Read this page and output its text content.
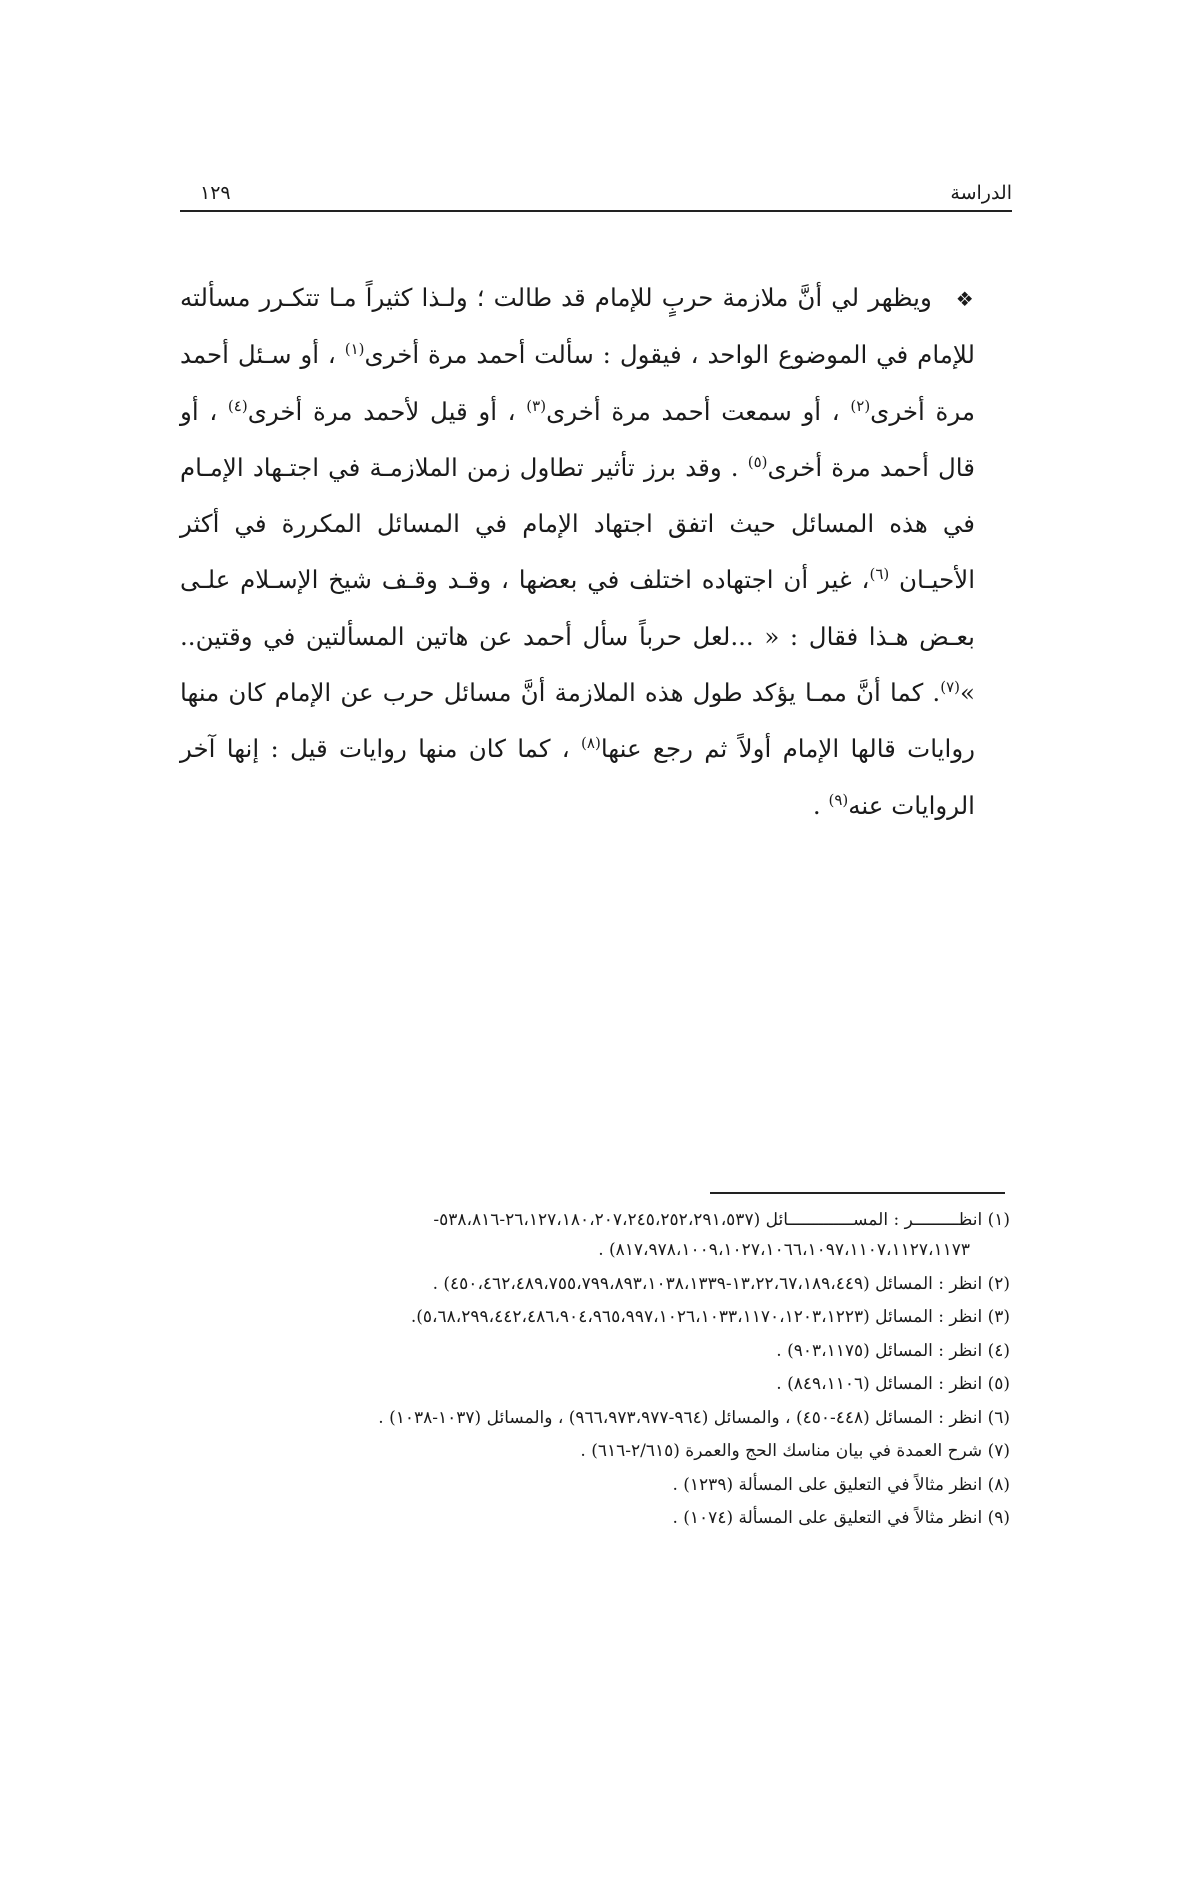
الدراسة
١٢٩

❖ويظهر لي أنَّ ملازمة حربٍ للإمام قد طالت ؛ ولـذا كثيراً مـا تتكـرر مسألته للإمام في الموضوع الواحد ، فيقول : سألت أحمد مرة أخرى$^{(١)}$ ، أو سـئل أحمد مرة أخرى$^{(٢)}$ ، أو سمعت أحمد مرة أخرى$^{(٣)}$ ، أو قيل لأحمد مرة أخرى$^{(٤)}$ ، أو قال أحمد مرة أخرى$^{(٥)}$ . وقد برز تأثير تطاول زمن الملازمـة في اجتـهاد الإمـام في هذه المسائل حيث اتفق اجتهاد الإمام في المسائل المكررة في أكثر الأحيـان $^{(٦)}$، غير أن اجتهاده اختلف في بعضها ، وقـد وقـف شيخ الإسـلام علـى بعـض هـذا فقال : « ...لعل حرباً سأل أحمد عن هاتين المسألتين في وقتين.. »$^{(٧)}$. كما أنَّ ممـا يؤكد طول هذه الملازمة أنَّ مسائل حرب عن الإمام كان منها روايات قالها الإمام أولاً ثم رجع عنها$^{(٨)}$ ، كما كان منها روايات قيل : إنها آخر الروايات عنه$^{(٩)}$ .

(١) انظـــــــــر : المســـــــــــــائل (٢٦،١٢٧،١٨٠،٢٠٧،٢٤٥،٢٥٢،٢٩١،٥٣٧-٥٣٨،٨١٦-
٨١٧،٩٧٨،١٠٠٩،١٠٢٧،١٠٦٦،١٠٩٧،١١٠٧،١١٢٧،١١٧٣) .
(٢) انظر : المسائل (١٣،٢٢،٦٧،١٨٩،٤٤٩-٤٥٠،٤٦٢،٤٨٩،٧٥٥،٧٩٩،٨٩٣،١٠٣٨،١٣٣٩) .
(٣) انظر : المسائل (٥،٦٨،٢٩٩،٤٤٢،٤٨٦،٩٠٤،٩٦٥،٩٩٧،١٠٢٦،١٠٣٣،١١٧٠،١٢٠٣،١٢٢٣).
(٤) انظر : المسائل (٩٠٣،١١٧٥) .
(٥) انظر : المسائل (٨٤٩،١١٠٦) .
(٦) انظر : المسائل (٤٤٨-٤٥٠) ، والمسائل (٩٦٤-٩٦٦،٩٧٣،٩٧٧) ، والمسائل (١٠٣٧-١٠٣٨) .
(٧) شرح العمدة في بيان مناسك الحج والعمرة (٢/٦١٥-٦١٦) .
(٨) انظر مثالاً في التعليق على المسألة (١٢٣٩) .
(٩) انظر مثالاً في التعليق على المسألة (١٠٧٤) .
